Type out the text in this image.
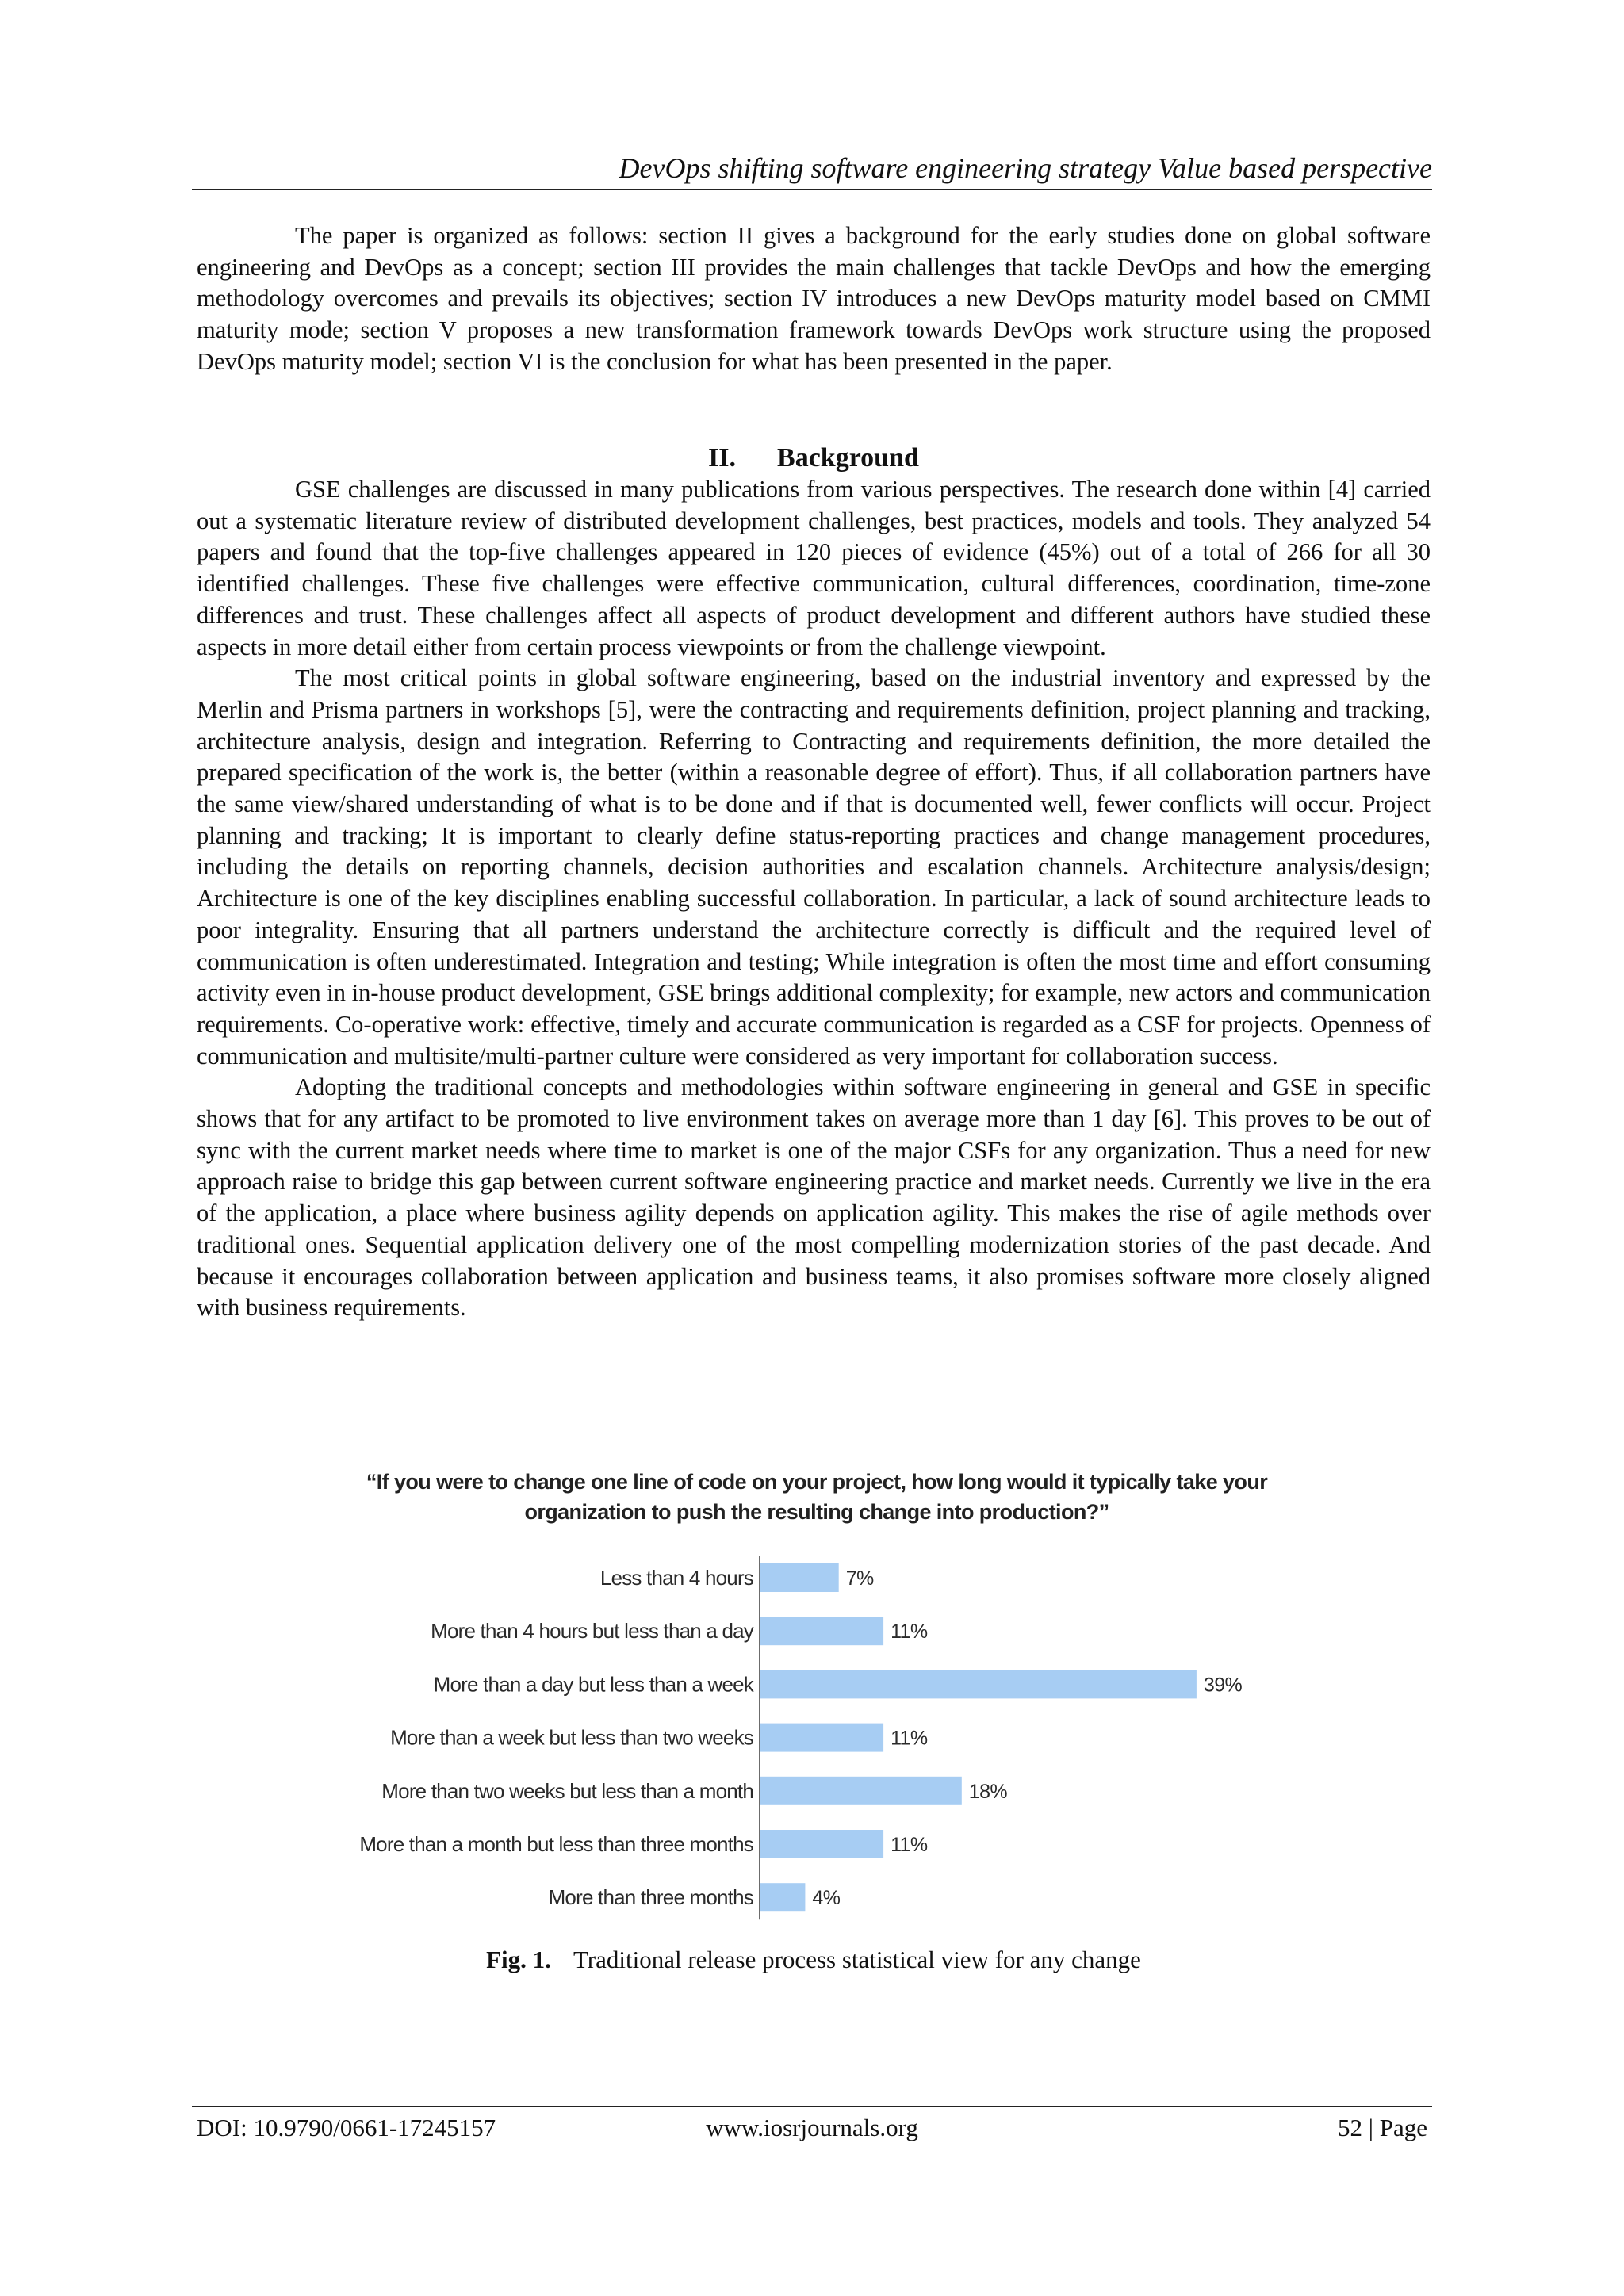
DevOps shifting software engineering strategy Value based perspective

The paper is organized as follows: section II gives a background for the early studies done on global software engineering and DevOps as a concept; section III provides the main challenges that tackle DevOps and how the emerging methodology overcomes and prevails its objectives; section IV introduces a new DevOps maturity model based on CMMI maturity mode; section V proposes a new transformation framework towards DevOps work structure using the proposed DevOps maturity model; section VI is the conclusion for what has been presented in the paper.

II. Background

GSE challenges are discussed in many publications from various perspectives. The research done within [4] carried out a systematic literature review of distributed development challenges, best practices, models and tools. They analyzed 54 papers and found that the top-five challenges appeared in 120 pieces of evidence (45%) out of a total of 266 for all 30 identified challenges. These five challenges were effective communication, cultural differences, coordination, time-zone differences and trust. These challenges affect all aspects of product development and different authors have studied these aspects in more detail either from certain process viewpoints or from the challenge viewpoint.

The most critical points in global software engineering, based on the industrial inventory and expressed by the Merlin and Prisma partners in workshops [5], were the contracting and requirements definition, project planning and tracking, architecture analysis, design and integration. Referring to Contracting and requirements definition, the more detailed the prepared specification of the work is, the better (within a reasonable degree of effort). Thus, if all collaboration partners have the same view/shared understanding of what is to be done and if that is documented well, fewer conflicts will occur. Project planning and tracking; It is important to clearly define status-reporting practices and change management procedures, including the details on reporting channels, decision authorities and escalation channels. Architecture analysis/design; Architecture is one of the key disciplines enabling successful collaboration. In particular, a lack of sound architecture leads to poor integrality. Ensuring that all partners understand the architecture correctly is difficult and the required level of communication is often underestimated. Integration and testing; While integration is often the most time and effort consuming activity even in in-house product development, GSE brings additional complexity; for example, new actors and communication requirements. Co-operative work: effective, timely and accurate communication is regarded as a CSF for projects. Openness of communication and multisite/multi-partner culture were considered as very important for collaboration success.

Adopting the traditional concepts and methodologies within software engineering in general and GSE in specific shows that for any artifact to be promoted to live environment takes on average more than 1 day [6]. This proves to be out of sync with the current market needs where time to market is one of the major CSFs for any organization. Thus a need for new approach raise to bridge this gap between current software engineering practice and market needs. Currently we live in the era of the application, a place where business agility depends on application agility. This makes the rise of agile methods over traditional ones. Sequential application delivery one of the most compelling modernization stories of the past decade. And because it encourages collaboration between application and business teams, it also promises software more closely aligned with business requirements.

“If you were to change one line of code on your project, how long would it typically take your
organization to push the resulting change into production?”
Less than 4 hours	7%
More than 4 hours but less than a day	11%
More than a day but less than a week	39%
More than a week but less than two weeks	11%
More than two weeks but less than a month	18%
More than a month but less than three months	11%
More than three months	4%
Fig. 1. Traditional release process statistical view for any change
DOI: 10.9790/0661-17245157	www.iosrjournals.org	52 | Page
